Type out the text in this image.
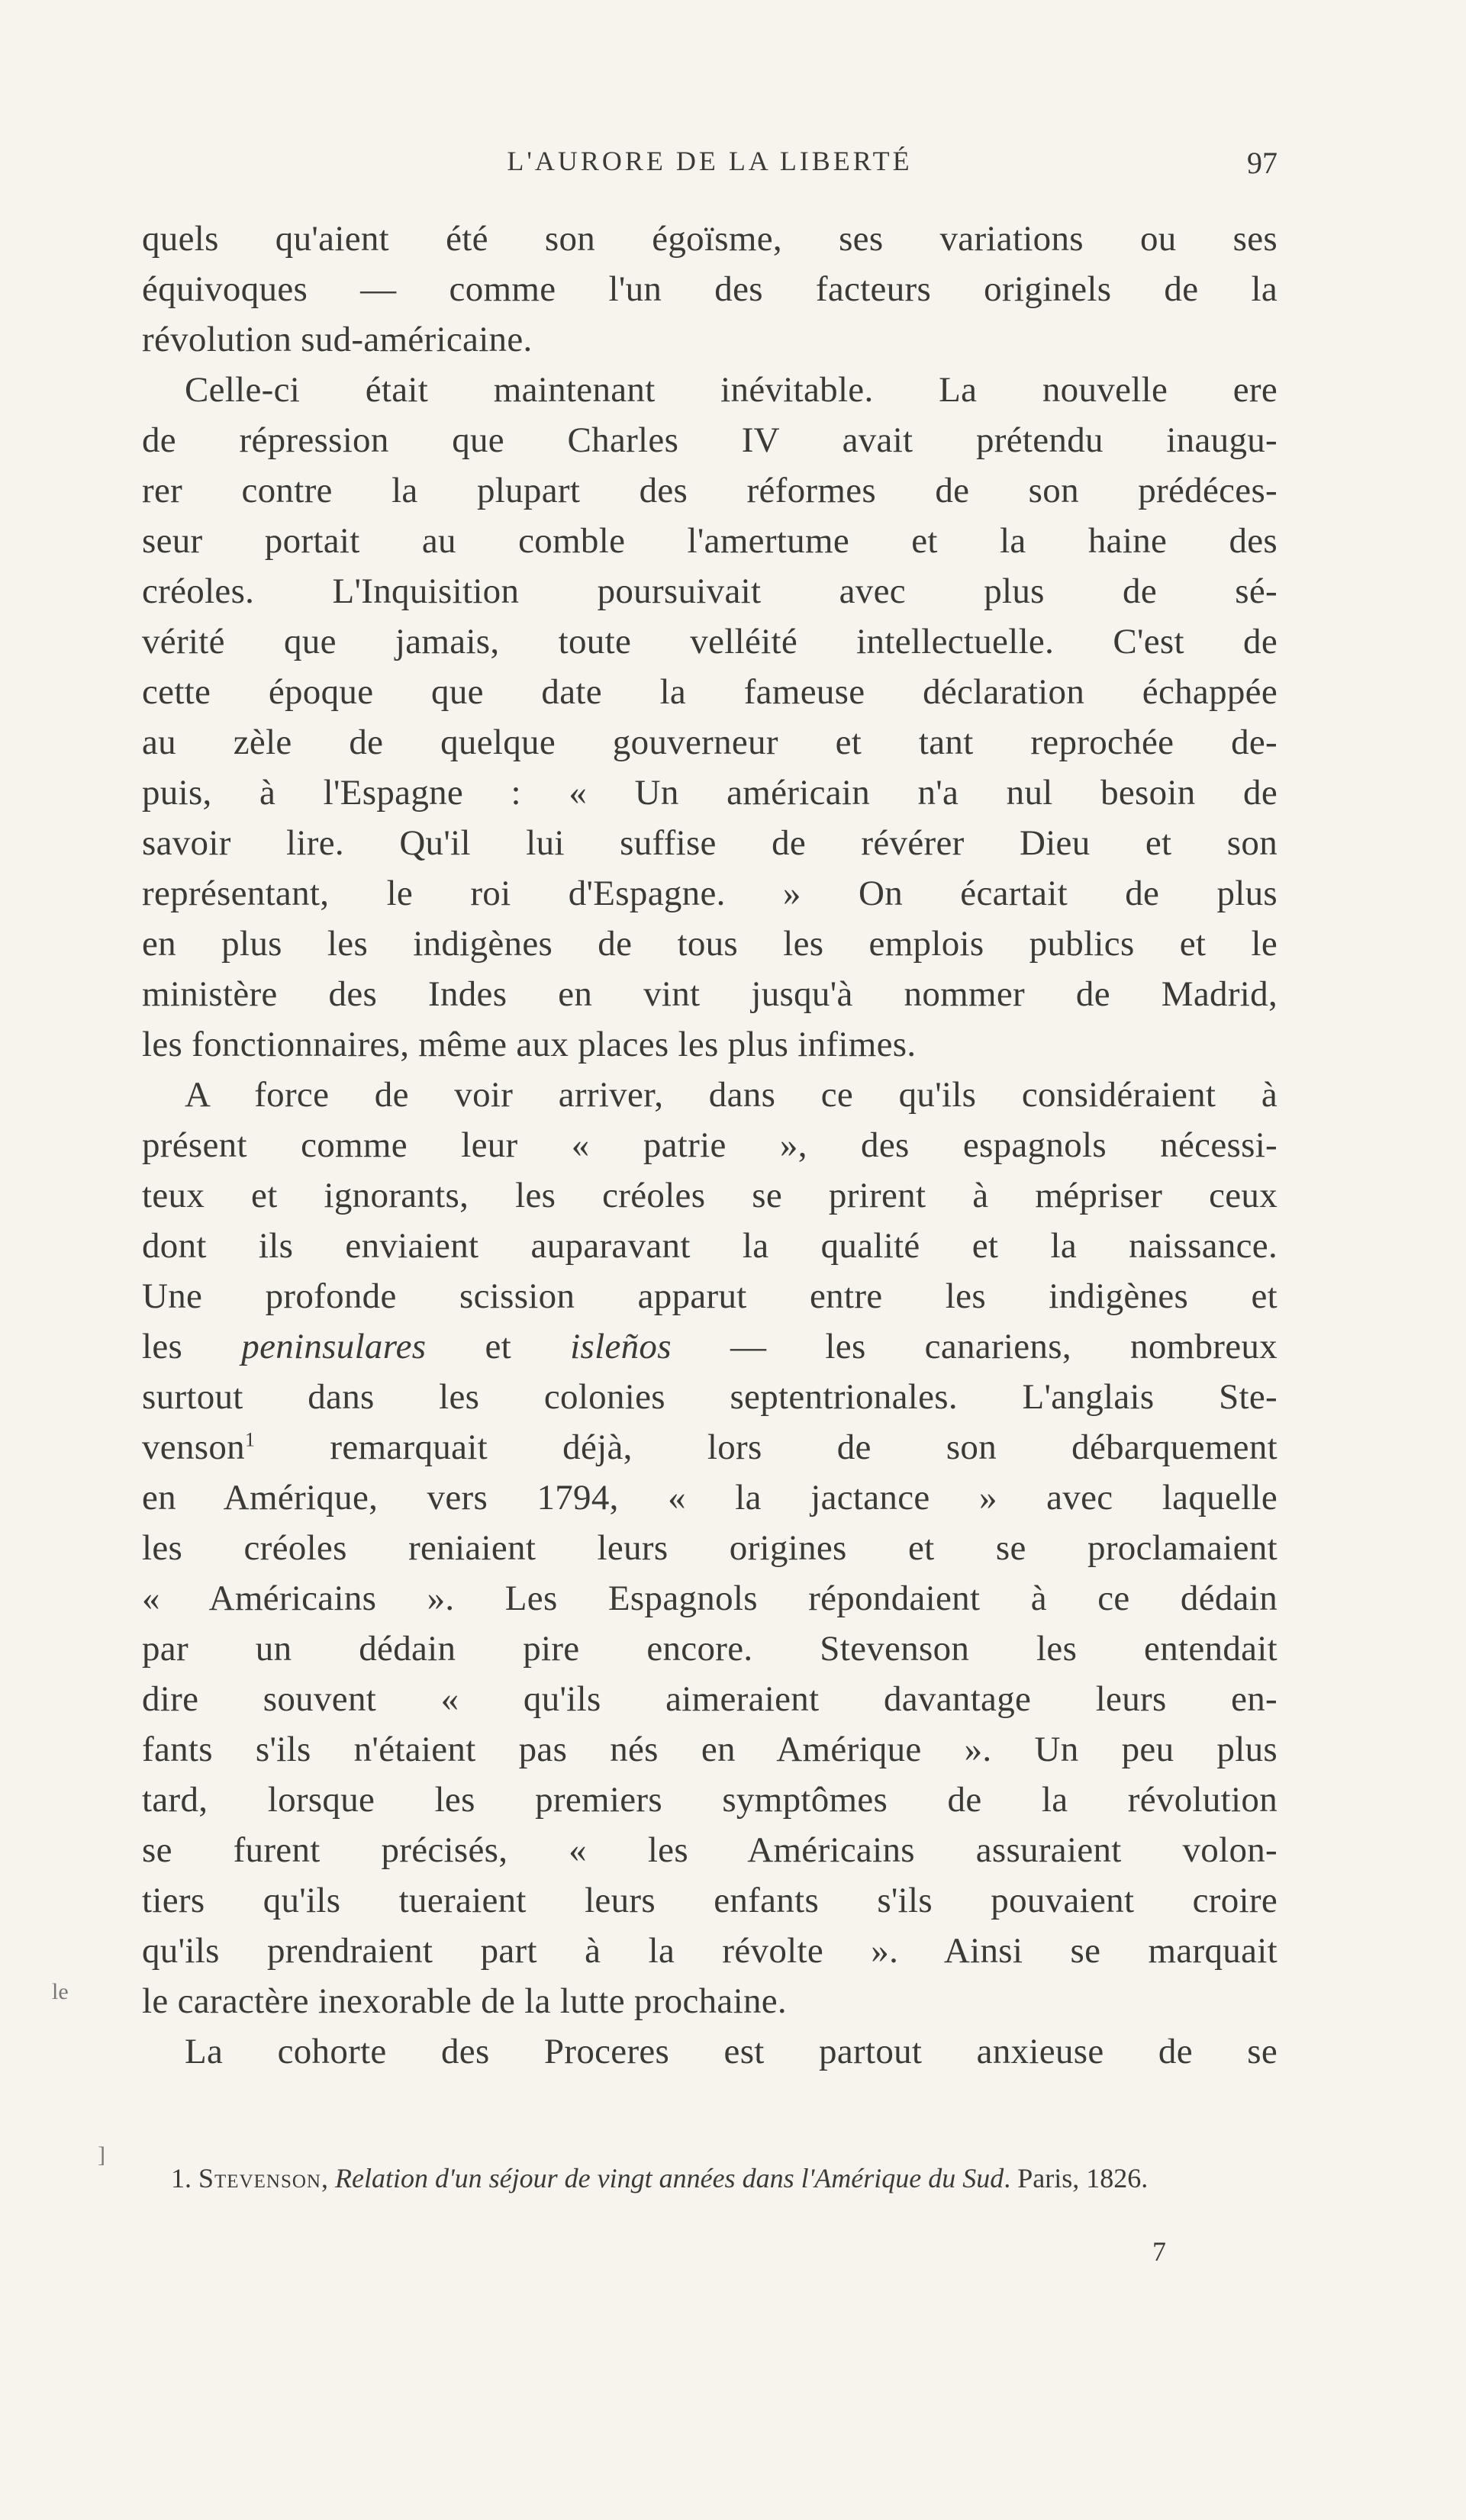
L'AURORE DE LA LIBERTÉ	97
quels qu'aient été son égoïsme, ses variations ou ses
équivoques — comme l'un des facteurs originels de la
révolution sud-américaine.
Celle-ci était maintenant inévitable. La nouvelle ere
de répression que Charles IV avait prétendu inaugu-
rer contre la plupart des réformes de son prédéces-
seur portait au comble l'amertume et la haine des
créoles. L'Inquisition poursuivait avec plus de sé-
vérité que jamais, toute velléité intellectuelle. C'est de
cette époque que date la fameuse déclaration échappée
au zèle de quelque gouverneur et tant reprochée de-
puis, à l'Espagne : « Un américain n'a nul besoin de
savoir lire. Qu'il lui suffise de révérer Dieu et son
représentant, le roi d'Espagne. » On écartait de plus
en plus les indigènes de tous les emplois publics et le
ministère des Indes en vint jusqu'à nommer de Madrid,
les fonctionnaires, même aux places les plus infimes.
A force de voir arriver, dans ce qu'ils considéraient à
présent comme leur « patrie », des espagnols nécessi-
teux et ignorants, les créoles se prirent à mépriser ceux
dont ils enviaient auparavant la qualité et la naissance.
Une profonde scission apparut entre les indigènes et
les peninsulares et isleños — les canariens, nombreux
surtout dans les colonies septentrionales. L'anglais Ste-
venson$^1$ remarquait déjà, lors de son débarquement
en Amérique, vers 1794, « la jactance » avec laquelle
les créoles reniaient leurs origines et se proclamaient
« Américains ». Les Espagnols répondaient à ce dédain
par un dédain pire encore. Stevenson les entendait
dire souvent « qu'ils aimeraient davantage leurs en-
fants s'ils n'étaient pas nés en Amérique ». Un peu plus
tard, lorsque les premiers symptômes de la révolution
se furent précisés, « les Américains assuraient volon-
tiers qu'ils tueraient leurs enfants s'ils pouvaient croire
qu'ils prendraient part à la révolte ». Ainsi se marquait
le caractère inexorable de la lutte prochaine.
La cohorte des Proceres est partout anxieuse de se
le
]
1. Stevenson, Relation d'un séjour de vingt années dans l'Amérique du Sud. Paris, 1826.
7
